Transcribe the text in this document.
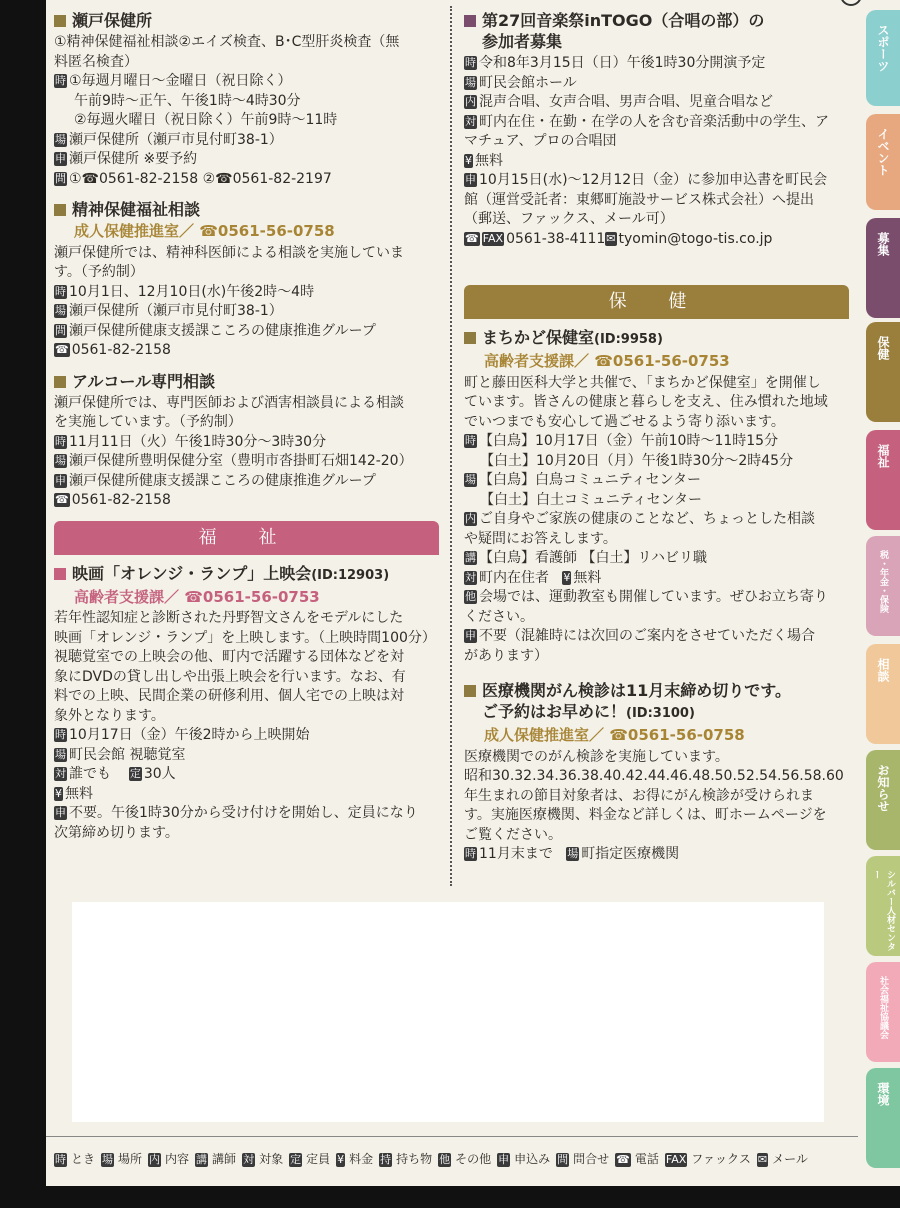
瀬戸保健所
①精神保健福祉相談②エイズ検査、B･C型肝炎検査（無
料匿名検査）
時 ①毎週月曜日～金曜日（祝日除く）
午前9時～正午、午後1時～4時30分
②毎週火曜日（祝日除く）午前9時～11時
場 瀬戸保健所（瀬戸市見付町38-1）
申 瀬戸保健所 ※要予約
問 ①☎0561-82-2158 ②☎0561-82-2197
精神保健福祉相談
成人保健推進室／ ☎0561-56-0758
瀬戸保健所では、精神科医師による相談を実施していま
す。（予約制）
時 10月1日、12月10日(水)午後2時～4時
場 瀬戸保健所（瀬戸市見付町38-1）
問 瀬戸保健所健康支援課こころの健康推進グループ
☎ 0561-82-2158
アルコール専門相談
瀬戸保健所では、専門医師および酒害相談員による相談
を実施しています。（予約制）
時 11月11日（火）午後1時30分～3時30分
場 瀬戸保健所豊明保健分室（豊明市沓掛町石畑142-20）
申 瀬戸保健所健康支援課こころの健康推進グループ
☎ 0561-82-2158
福 祉
映画「オレンジ・ランプ」上映会(ID:12903)
高齢者支援課／ ☎0561-56-0753
若年性認知症と診断された丹野智文さんをモデルにした
映画「オレンジ・ランプ」を上映します。（上映時間100分）
視聴覚室での上映会の他、町内で活躍する団体などを対
象にDVDの貸し出しや出張上映会を行います。なお、有
料での上映、民間企業の研修利用、個人宅での上映は対
象外となります。
時 10月17日（金）午後2時から上映開始
場 町民会館 視聴覚室
対 誰でも 定 30人
¥ 無料
申 不要。午後1時30分から受け付けを開始し、定員になり
次第締め切ります。
第27回音楽祭inTOGO（合唱の部）の
参加者募集
時 令和8年3月15日（日）午後1時30分開演予定
場 町民会館ホール
内 混声合唱、女声合唱、男声合唱、児童合唱など
対 町内在住・在勤・在学の人を含む音楽活動中の学生、ア
マチュア、プロの合唱団
¥ 無料
申 10月15日(水)～12月12日（金）に参加申込書を町民会
館（運営受託者：東郷町施設サービス株式会社）へ提出
（郵送、ファックス、メール可）
☎ FAX 0561-38-4111✉ tyomin@togo-tis.co.jp
保 健
まちかど保健室(ID:9958)
高齢者支援課／ ☎0561-56-0753
町と藤田医科大学と共催で、「まちかど保健室」を開催し
ています。皆さんの健康と暮らしを支え、住み慣れた地域
でいつまでも安心して過ごせるよう寄り添います。
時 【白鳥】10月17日（金）午前10時～11時15分
【白土】10月20日（月）午後1時30分～2時45分
場 【白鳥】白鳥コミュニティセンター
【白土】白土コミュニティセンター
内 ご自身やご家族の健康のことなど、ちょっとした相談
や疑問にお答えします。
講 【白鳥】看護師 【白土】リハビリ職
対 町内在住者 ¥ 無料
他 会場では、運動教室も開催しています。ぜひお立ち寄り
ください。
申 不要（混雑時には次回のご案内をさせていただく場合
があります）
医療機関がん検診は11月末締め切りです。
ご予約はお早めに！(ID:3100)
成人保健推進室／ ☎0561-56-0758
医療機関でのがん検診を実施しています。
昭和30.32.34.36.38.40.42.44.46.48.50.52.54.56.58.60
年生まれの節目対象者は、お得にがん検診が受けられま
す。実施医療機関、料金など詳しくは、町ホームページを
ご覧ください。
時 11月末まで 場 町指定医療機関
時 とき 場 場所 内 内容 講 講師 対 対象 定 定員 ¥ 料金 持 持ち物 他 その他 申 申込み 問 問合せ ☎ 電話 FAX ファックス ✉ メール
スポーツ
イベント
募集
保健
福祉
税・年金・保険
相談
お知らせ
シルバー人材センター
社会福祉協議会
環境
